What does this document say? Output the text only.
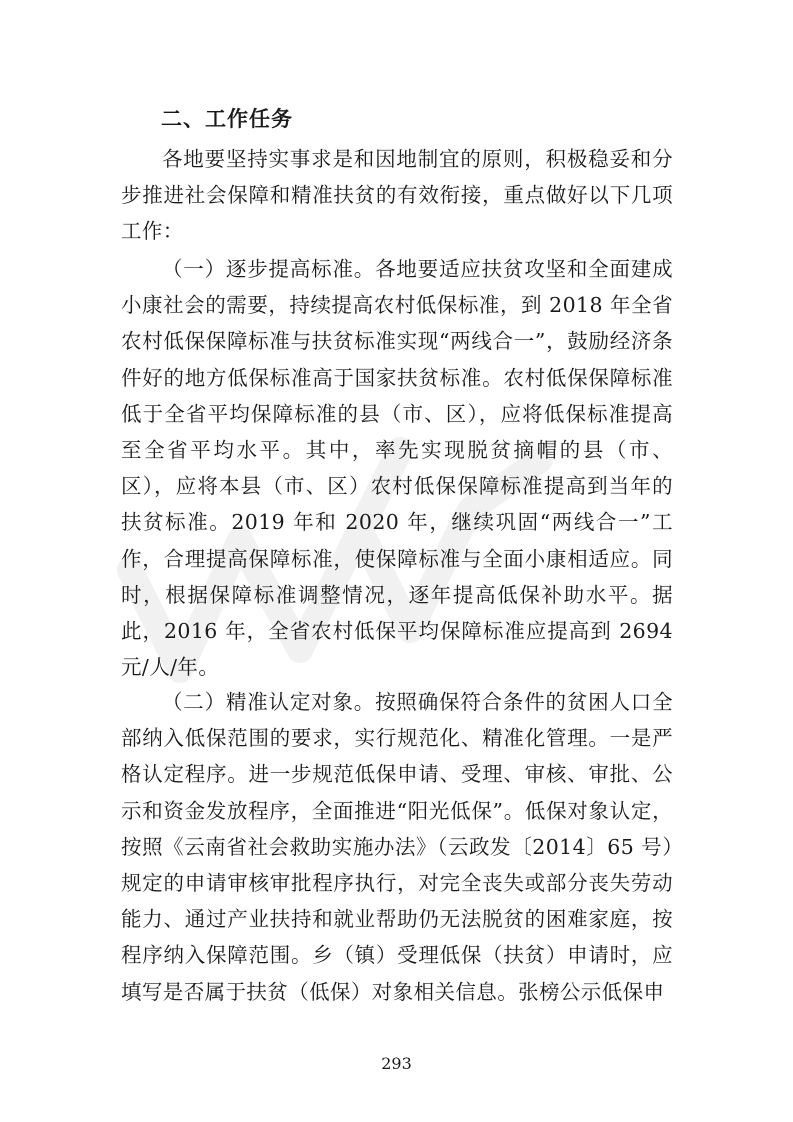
二、工作任务

各地要坚持实事求是和因地制宜的原则，积极稳妥和分步推进社会保障和精准扶贫的有效衔接，重点做好以下几项工作：

（一）逐步提高标准。各地要适应扶贫攻坚和全面建成小康社会的需要，持续提高农村低保标准，到 2018 年全省农村低保保障标准与扶贫标准实现“两线合一”，鼓励经济条件好的地方低保标准高于国家扶贫标准。农村低保保障标准低于全省平均保障标准的县（市、区），应将低保标准提高至全省平均水平。其中，率先实现脱贫摘帽的县（市、区），应将本县（市、区）农村低保保障标准提高到当年的扶贫标准。2019 年和 2020 年，继续巩固“两线合一”工作，合理提高保障标准，使保障标准与全面小康相适应。同时，根据保障标准调整情况，逐年提高低保补助水平。据此，2016 年，全省农村低保平均保障标准应提高到 2694 元/人/年。

（二）精准认定对象。按照确保符合条件的贫困人口全部纳入低保范围的要求，实行规范化、精准化管理。一是严格认定程序。进一步规范低保申请、受理、审核、审批、公示和资金发放程序，全面推进“阳光低保”。低保对象认定，按照《云南省社会救助实施办法》（云政发〔2014〕65 号）规定的申请审核审批程序执行，对完全丧失或部分丧失劳动能力、通过产业扶持和就业帮助仍无法脱贫的困难家庭，按程序纳入保障范围。乡（镇）受理低保（扶贫）申请时，应填写是否属于扶贫（低保）对象相关信息。张榜公示低保申

293
